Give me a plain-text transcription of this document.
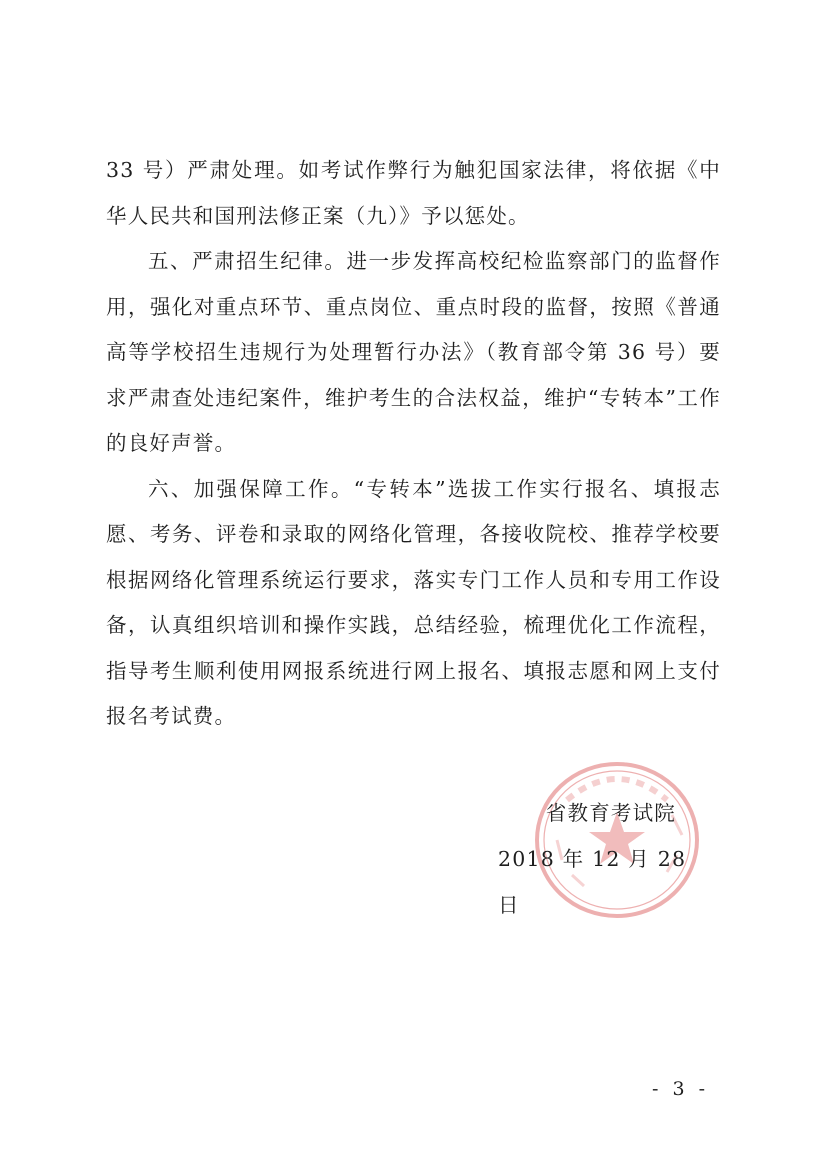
33 号）严肃处理。如考试作弊行为触犯国家法律，将依据《中华人民共和国刑法修正案（九）》予以惩处。

五、严肃招生纪律。进一步发挥高校纪检监察部门的监督作用，强化对重点环节、重点岗位、重点时段的监督，按照《普通高等学校招生违规行为处理暂行办法》（教育部令第 36 号）要求严肃查处违纪案件，维护考生的合法权益，维护“专转本”工作的良好声誉。

六、加强保障工作。“专转本”选拔工作实行报名、填报志愿、考务、评卷和录取的网络化管理，各接收院校、推荐学校要根据网络化管理系统运行要求，落实专门工作人员和专用工作设备，认真组织培训和操作实践，总结经验，梳理优化工作流程，指导考生顺利使用网报系统进行网上报名、填报志愿和网上支付报名考试费。

省教育考试院
2018 年 12 月 28 日
- 3 -
